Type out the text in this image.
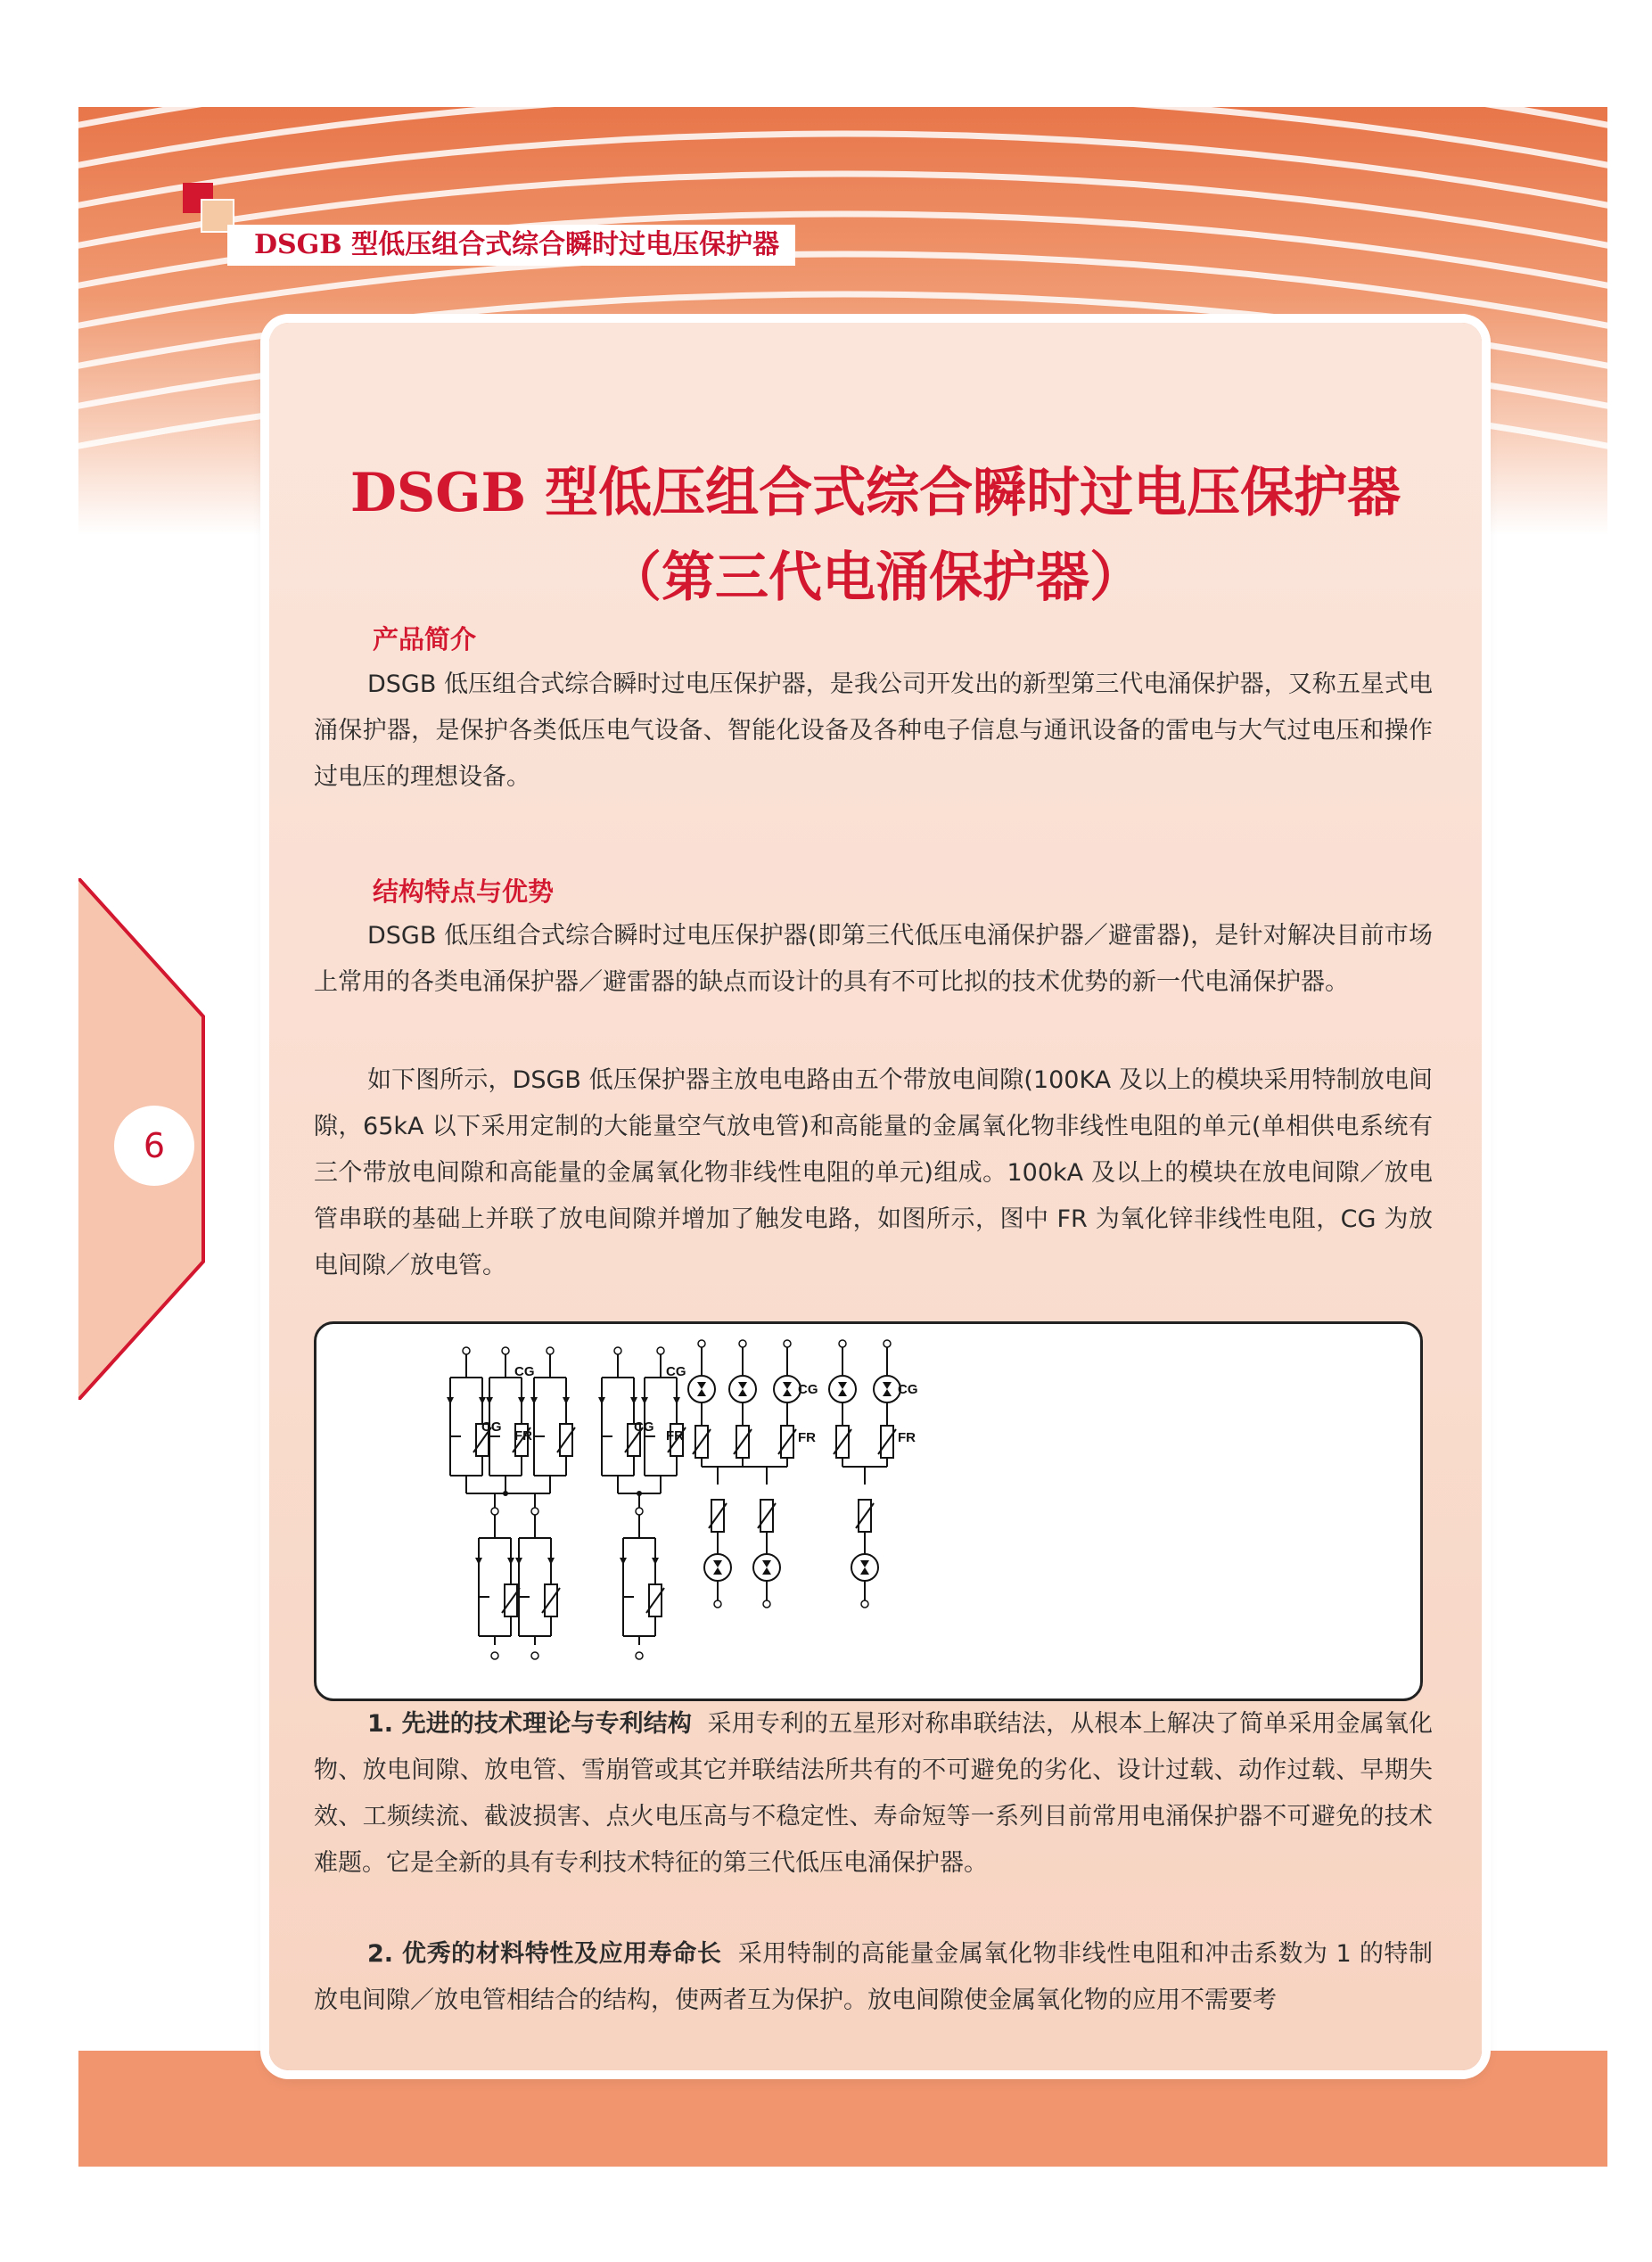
6
DSGB 型低压组合式综合瞬时过电压保护器
DSGB 型低压组合式综合瞬时过电压保护器
（第三代电涌保护器）
产品简介
DSGB 低压组合式综合瞬时过电压保护器，是我公司开发出的新型第三代电涌保护器，又称五星式电涌保护器，是保护各类低压电气设备、智能化设备及各种电子信息与通讯设备的雷电与大气过电压和操作过电压的理想设备。
结构特点与优势
DSGB 低压组合式综合瞬时过电压保护器(即第三代低压电涌保护器／避雷器)，是针对解决目前市场上常用的各类电涌保护器／避雷器的缺点而设计的具有不可比拟的技术优势的新一代电涌保护器。
如下图所示，DSGB 低压保护器主放电电路由五个带放电间隙(100KA 及以上的模块采用特制放电间隙，65kA 以下采用定制的大能量空气放电管)和高能量的金属氧化物非线性电阻的单元(单相供电系统有三个带放电间隙和高能量的金属氧化物非线性电阻的单元)组成。100kA 及以上的模块在放电间隙／放电管串联的基础上并联了放电间隙并增加了触发电路，如图所示，图中 FR 为氧化锌非线性电阻，CG 为放电间隙／放电管。
CG
CG
FR
CG
CG
FR
CG
FR
CG
FR
1. 先进的技术理论与专利结构 采用专利的五星形对称串联结法，从根本上解决了简单采用金属氧化物、放电间隙、放电管、雪崩管或其它并联结法所共有的不可避免的劣化、设计过载、动作过载、早期失效、工频续流、截波损害、点火电压高与不稳定性、寿命短等一系列目前常用电涌保护器不可避免的技术难题。它是全新的具有专利技术特征的第三代低压电涌保护器。
2. 优秀的材料特性及应用寿命长 采用特制的高能量金属氧化物非线性电阻和冲击系数为 1 的特制放电间隙／放电管相结合的结构，使两者互为保护。放电间隙使金属氧化物的应用不需要考
